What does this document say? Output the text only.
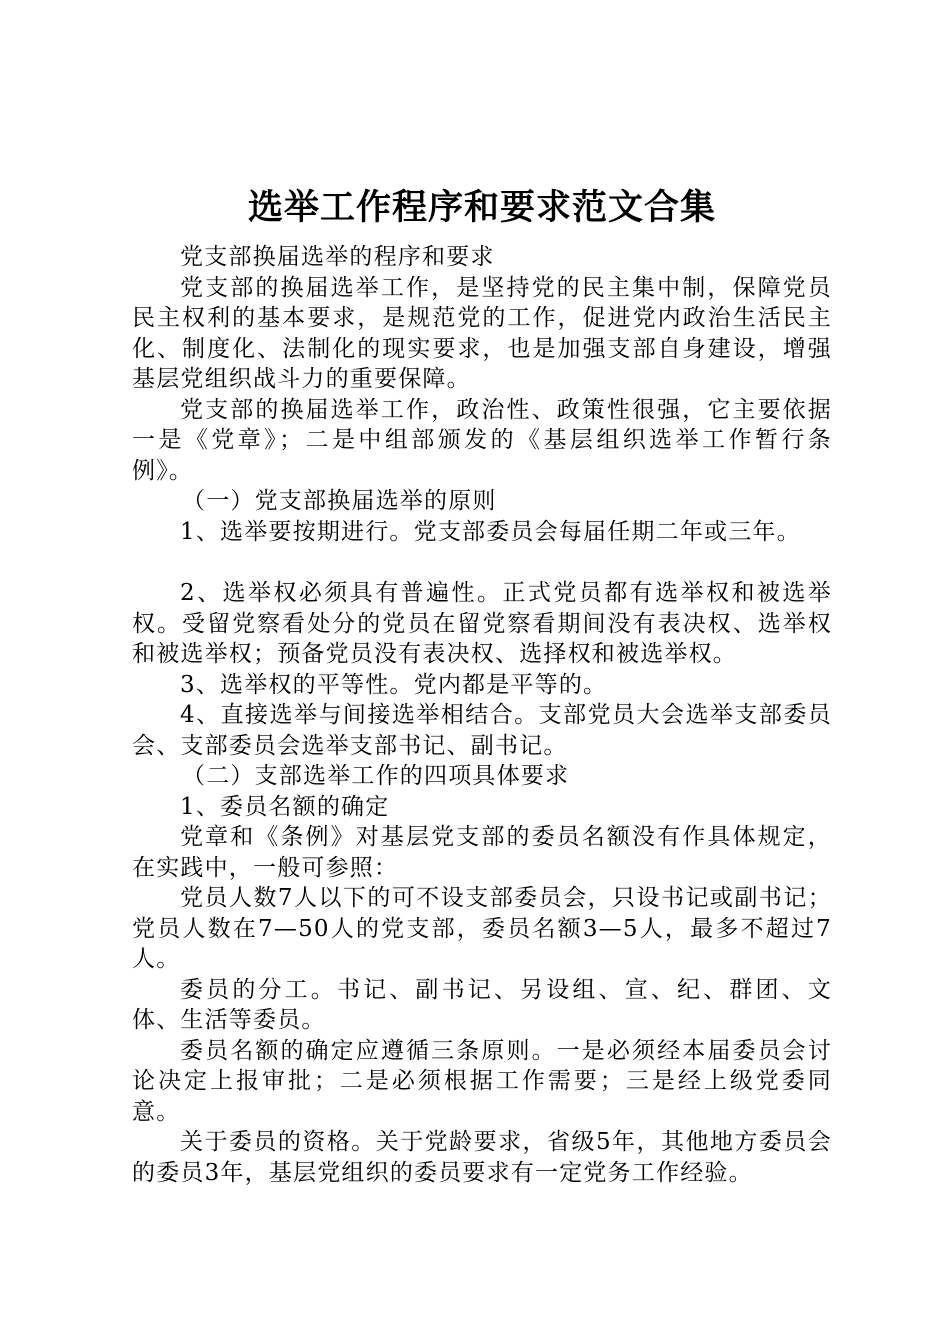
选举工作程序和要求范文合集

党支部换届选举的程序和要求

党支部的换届选举工作，是坚持党的民主集中制，保障党员民主权利的基本要求，是规范党的工作，促进党内政治生活民主化、制度化、法制化的现实要求，也是加强支部自身建设，增强基层党组织战斗力的重要保障。

党支部的换届选举工作，政治性、政策性很强，它主要依据一是《党章》；二是中组部颁发的《基层组织选举工作暂行条例》。

（一）党支部换届选举的原则

1、选举要按期进行。党支部委员会每届任期二年或三年。

2、选举权必须具有普遍性。正式党员都有选举权和被选举权。受留党察看处分的党员在留党察看期间没有表决权、选举权和被选举权；预备党员没有表决权、选择权和被选举权。

3、选举权的平等性。党内都是平等的。

4、直接选举与间接选举相结合。支部党员大会选举支部委员会、支部委员会选举支部书记、副书记。

（二）支部选举工作的四项具体要求

1、委员名额的确定

党章和《条例》对基层党支部的委员名额没有作具体规定，在实践中，一般可参照：

党员人数7人以下的可不设支部委员会，只设书记或副书记；党员人数在7—50人的党支部，委员名额3—5人，最多不超过7人。

委员的分工。书记、副书记、另设组、宣、纪、群团、文体、生活等委员。

委员名额的确定应遵循三条原则。一是必须经本届委员会讨论决定上报审批；二是必须根据工作需要；三是经上级党委同意。

关于委员的资格。关于党龄要求，省级5年，其他地方委员会的委员3年，基层党组织的委员要求有一定党务工作经验。
